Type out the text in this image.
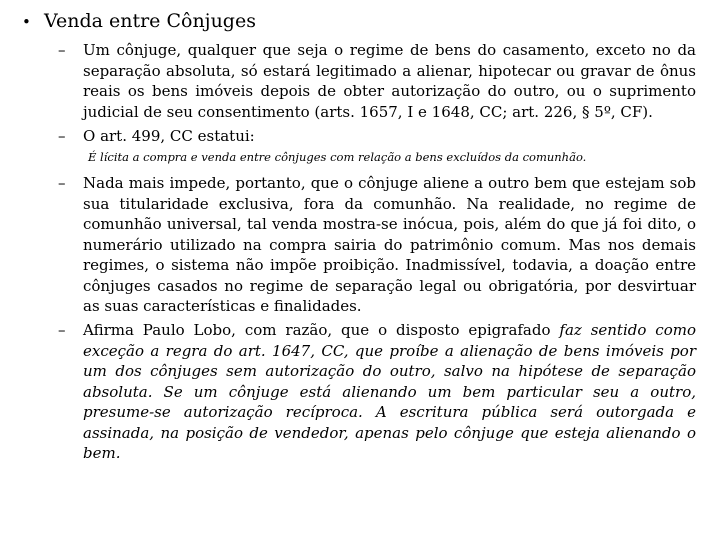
• Venda entre Cônjuges
– Um cônjuge, qualquer que seja o regime de bens do casamento, exceto no da separação absoluta, só estará legitimado a alienar, hipotecar ou gravar de ônus reais os bens imóveis depois de obter autorização do outro, ou o suprimento judicial de seu consentimento (arts. 1657, I e 1648, CC; art. 226, § 5º, CF).
– O art. 499, CC estatui:
É lícita a compra e venda entre cônjuges com relação a bens excluídos da comunhão.
– Nada mais impede, portanto, que o cônjuge aliene a outro bem que estejam sob sua titularidade exclusiva, fora da comunhão. Na realidade, no regime de comunhão universal, tal venda mostra-se inócua, pois, além do que já foi dito, o numerário utilizado na compra sairia do patrimônio comum. Mas nos demais regimes, o sistema não impõe proibição. Inadmissível, todavia, a doação entre cônjuges casados no regime de separação legal ou obrigatória, por desvirtuar as suas características e finalidades.
– Afirma Paulo Lobo, com razão, que o disposto epigrafado faz sentido como exceção a regra do art. 1647, CC, que proíbe a alienação de bens imóveis por um dos cônjuges sem autorização do outro, salvo na hipótese de separação absoluta. Se um cônjuge está alienando um bem particular seu a outro, presume-se autorização recíproca. A escritura pública será outorgada e assinada, na posição de vendedor, apenas pelo cônjuge que esteja alienando o bem.
